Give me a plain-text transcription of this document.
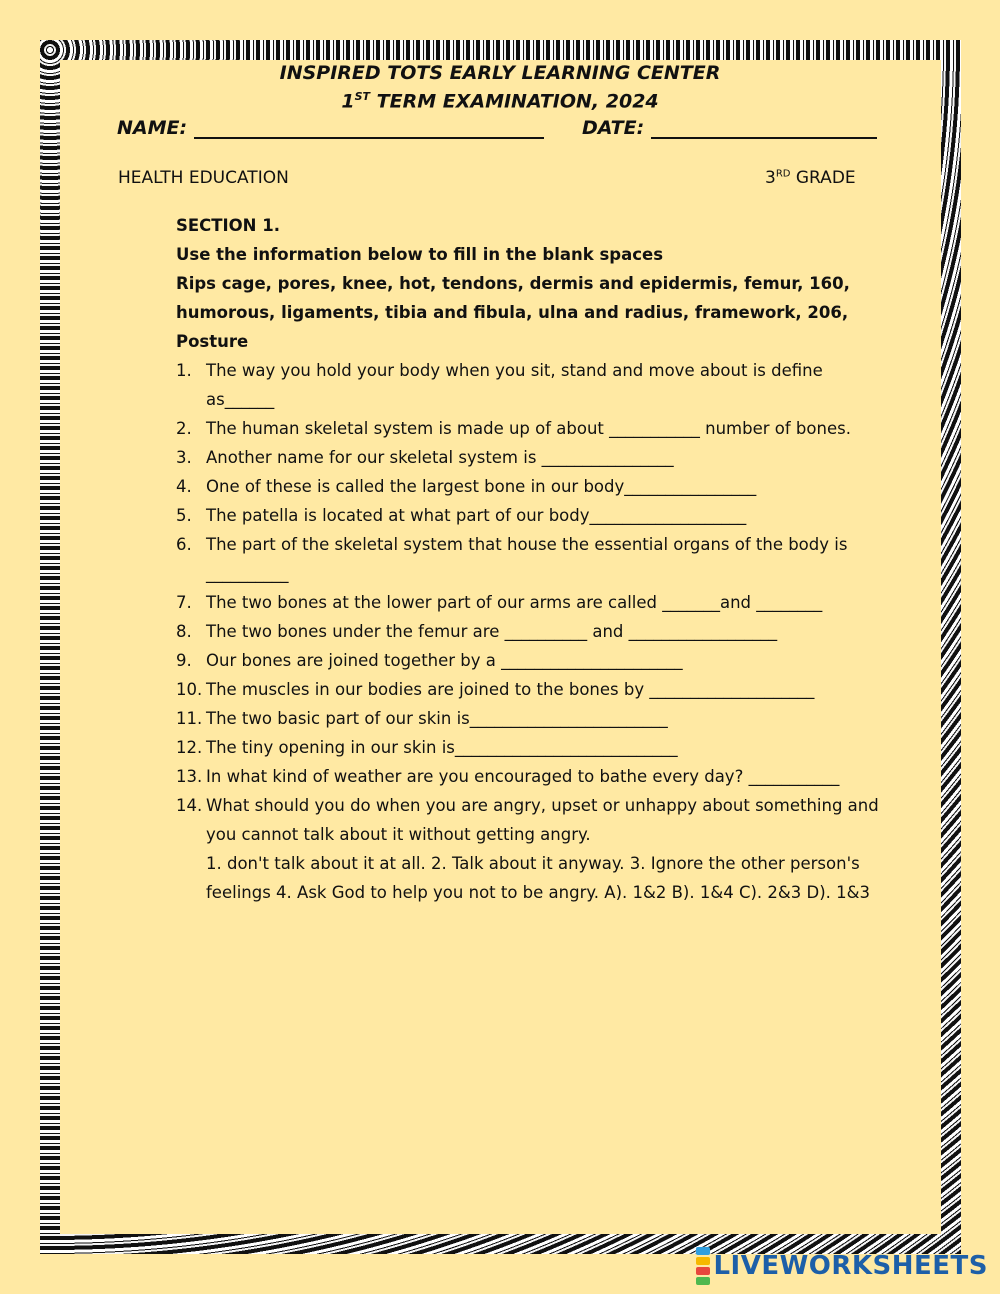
INSPIRED TOTS EARLY LEARNING CENTER
1ST TERM EXAMINATION, 2024
NAME:	DATE:
HEALTH EDUCATION	3RD GRADE
SECTION 1.
Use the information below to fill in the blank spaces
Rips cage, pores, knee, hot, tendons, dermis and epidermis, femur, 160, humorous, ligaments, tibia and fibula, ulna and radius, framework, 206, Posture
1. The way you hold your body when you sit, stand and move about is define as______
2. The human skeletal system is made up of about ___________ number of bones.
3. Another name for our skeletal system is ________________
4. One of these is called the largest bone in our body________________
5. The patella is located at what part of our body___________________
6. The part of the skeletal system that house the essential organs of the body is __________
7. The two bones at the lower part of our arms are called _______and ________
8. The two bones under the femur are __________ and __________________
9. Our bones are joined together by a ______________________
10. The muscles in our bodies are joined to the bones by ____________________
11. The two basic part of our skin is________________________
12. The tiny opening in our skin is___________________________
13. In what kind of weather are you encouraged to bathe every day? ___________
14. What should you do when you are angry, upset or unhappy about something and you cannot talk about it without getting angry.
1. don't talk about it at all. 2. Talk about it anyway. 3. Ignore the other person's feelings 4. Ask God to help you not to be angry. A). 1&2 B). 1&4 C). 2&3 D). 1&3
LIVEWORKSHEETS
